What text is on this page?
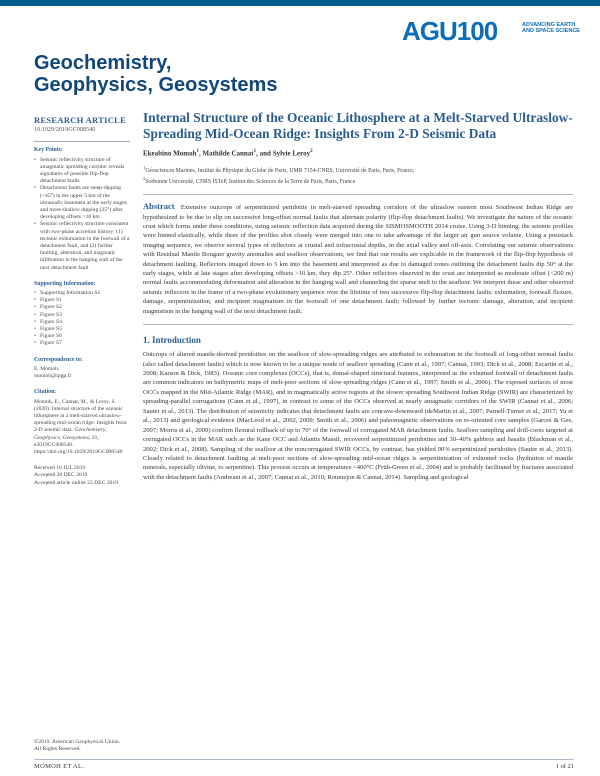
AGU100	ADVANCING EARTH AND SPACE SCIENCE
Geochemistry, Geophysics, Geosystems
RESEARCH ARTICLE
10.1029/2019GC008540
Key Points:
• Seismic reflectivity structure of amagmatic spreading corridor reveals signatures of possible flip-flop detachment faults
• Detachment faults are steep-dipping (>45°) in the upper 5 km of the ultramafic basement at the early stages and more shallow dipping (25°) after developing offsets >10 km
• Seismic reflectivity structure consistent with two-phase accretion history: (1) tectonic exhumation in the footwall of a detachment fault, and (2) further faulting, alteration, and magmatic infiltration in the hanging wall of the next detachment fault
Supporting Information:
• Supporting Information S1
• Figure S1
• Figure S2
• Figure S3
• Figure S4
• Figure S5
• Figure S6
• Figure S7
Correspondence to:
E. Momoh,
momoh@ipgp.fr
Citation:
Momoh, E., Cannat, M., & Leroy, S. (2020). Internal structure of the oceanic lithosphere at a melt-starved ultraslow-spreading mid-ocean ridge: Insights from 2-D seismic data. Geochemistry, Geophysics, Geosystems, 21, e2019GC008540. https://doi.org/10.1029/2019GC008540
Received 10 JUL 2019
Accepted 20 DEC 2019
Accepted article online 22 DEC 2019
©2019. American Geophysical Union.
All Rights Reserved.
Internal Structure of the Oceanic Lithosphere at a Melt-Starved Ultraslow-Spreading Mid-Ocean Ridge: Insights From 2-D Seismic Data
Ekeabino Momoh$^1$, Mathilde Cannat$^1$, and Sylvie Leroy$^2$
$^1$Géosciences Marines, Institut de Physique du Globe de Paris, UMR 7154-CNRS, Université de Paris, Paris, France,
$^2$Sorbonne Université, CNRS ISTeP, Institut des Sciences de la Terre de Paris, Paris, France
Abstract Extensive outcrops of serpentinized peridotite in melt-starved spreading corridors of the ultraslow eastern most Southwest Indian Ridge are hypothesized to be due to slip on successive long-offset normal faults that alternate polarity (flip-flop detachment faults). We investigate the nature of the oceanic crust which forms under these conditions, using seismic reflection data acquired during the SISMOSMOOTH 2014 cruise. Using 3-D binning, the seismic profiles were binned elastically, while three of the profiles shot closely were merged into one to take advantage of the larger air gun source volume. Using a poststack imaging sequence, we observe several types of reflectors at crustal and infracrustal depths, in the axial valley and off-axis. Correlating our seismic observations with Residual Mantle Bouguer gravity anomalies and seafloor observations, we find that our results are explicable in the framework of the flip-flop hypothesis of detachment faulting. Reflectors imaged down to 5 km into the basement and interpreted as due to damaged zones outlining the detachment faults dip 50° at the early stages, while at late stages after developing offsets >10 km, they dip 25°. Other reflectors observed in the crust are interpreted as moderate offset (<200 m) normal faults accommodating deformation and alteration in the hanging wall and channeling the sparse melt to the seafloor. We interpret these and other observed seismic reflectors in the frame of a two-phase evolutionary sequence over the lifetime of two successive flip-flop detachment faults: exhumation, footwall flexure, damage, serpentinization, and incipient magmatism in the footwall of one detachment fault; followed by further tectonic damage, alteration, and incipient magmatism in the hanging wall of the next detachment fault.
1. Introduction
Outcrops of altered mantle-derived peridotites on the seafloor of slow-spreading ridges are attributed to exhumation in the footwall of long-offset normal faults (also called detachment faults) which is now known to be a unique mode of seafloor spreading (Cann et al., 1997; Cannat, 1993; Dick et al., 2008; Escartín et al., 2008; Karson & Dick, 1983). Oceanic core complexes (OCCs), that is, domal-shaped structural features, interpreted as the exhumed footwall of detachment faults are common indicators on bathymetric maps of melt-poor sections of slow-spreading ridges (Cann et al., 1997; Smith et al., 2006). The exposed surfaces of most OCCs mapped in the Mid-Atlantic Ridge (MAR), and in magmatically active regions at the slower spreading Southwest Indian Ridge (SWIR) are characterized by spreading-parallel corrugations (Cann et al., 1997), in contrast to some of the OCCs observed at nearly amagmatic corridors of the SWIR (Cannat et al., 2006; Sauter et al., 2013). The distribution of seismicity indicates that detachment faults are concave-downward (deMartin et al., 2007; Parnell-Turner et al., 2017; Yu et al., 2013) and geological evidence (MacLeod et al., 2002, 2009; Smith et al., 2006) and paleomagnetic observations on re-oriented core samples (Garces & Gee, 2007; Morris et al., 2009) confirm flexural rollback of up to 70° of the footwall of corrugated MAR detachment faults. Seafloor sampling and drill-cores targeted at corrugated OCCs in the MAR such as the Kane OCC and Atlantis Massif, recovered serpentinized peridotites and 30–40% gabbros and basalts (Blackman et al., 2002; Dick et al., 2008). Sampling of the seafloor at the noncorrugated SWIR OCCs, by contrast, has yielded 90% serpentinized peridotites (Sauter et al., 2013). Closely related to detachment faulting at melt-poor sections of slow-spreading mid-ocean ridges is serpentinization of exhumed rocks (hydration of mantle minerals, especially olivine, to serpentine). This process occurs at temperatures <400°C (Früh-Green et al., 2004) and is probably facilitated by fractures associated with the detachment faults (Andreani et al., 2007; Cannat et al., 2010; Roumejon & Cannat, 2014). Sampling and geological
MOMOH ET AL.	1 of 21
